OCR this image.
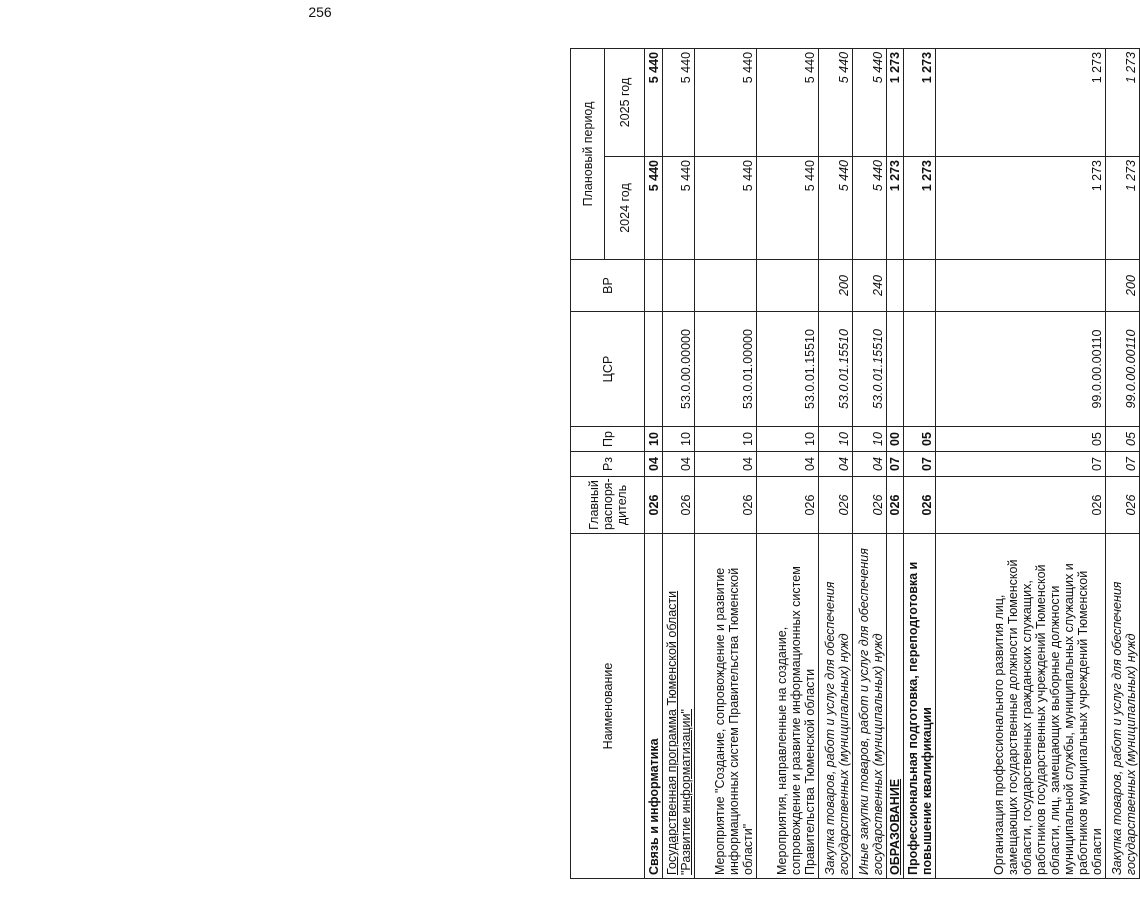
256
Наименование	Главный распоря-дитель	Рз	Пр	ЦСР	ВР	Плановый период	
						2024 год	2025 год
Связь и информатика	026	04	10			5 440	5 440
Государственная программа Тюменской области "Развитие информатизации"	026	04	10	53.0.00.00000		5 440	5 440
Мероприятие "Создание, сопровождение и развитие информационных систем Правительства Тюменской области"	026	04	10	53.0.01.00000		5 440	5 440
Мероприятия, направленные на создание, сопровождение и развитие информационных систем Правительства Тюменской области	026	04	10	53.0.01.15510		5 440	5 440
Закупка товаров, работ и услуг для обеспечения государственных (муниципальных) нужд	026	04	10	53.0.01.15510	200	5 440	5 440
Иные закупки товаров, работ и услуг для обеспечения государственных (муниципальных) нужд	026	04	10	53.0.01.15510	240	5 440	5 440
ОБРАЗОВАНИЕ	026	07	00			1 273	1 273
Профессиональная подготовка, переподготовка и повышение квалификации	026	07	05			1 273	1 273
Организация профессионального развития лиц, замещающих государственные должности Тюменской области, государственных гражданских служащих, работников государственных учреждений Тюменской области, лиц, замещающих выборные должности муниципальной службы, муниципальных служащих и работников муниципальных учреждений Тюменской области	026	07	05	99.0.00.00110		1 273	1 273
Закупка товаров, работ и услуг для обеспечения государственных (муниципальных) нужд	026	07	05	99.0.00.00110	200	1 273	1 273
